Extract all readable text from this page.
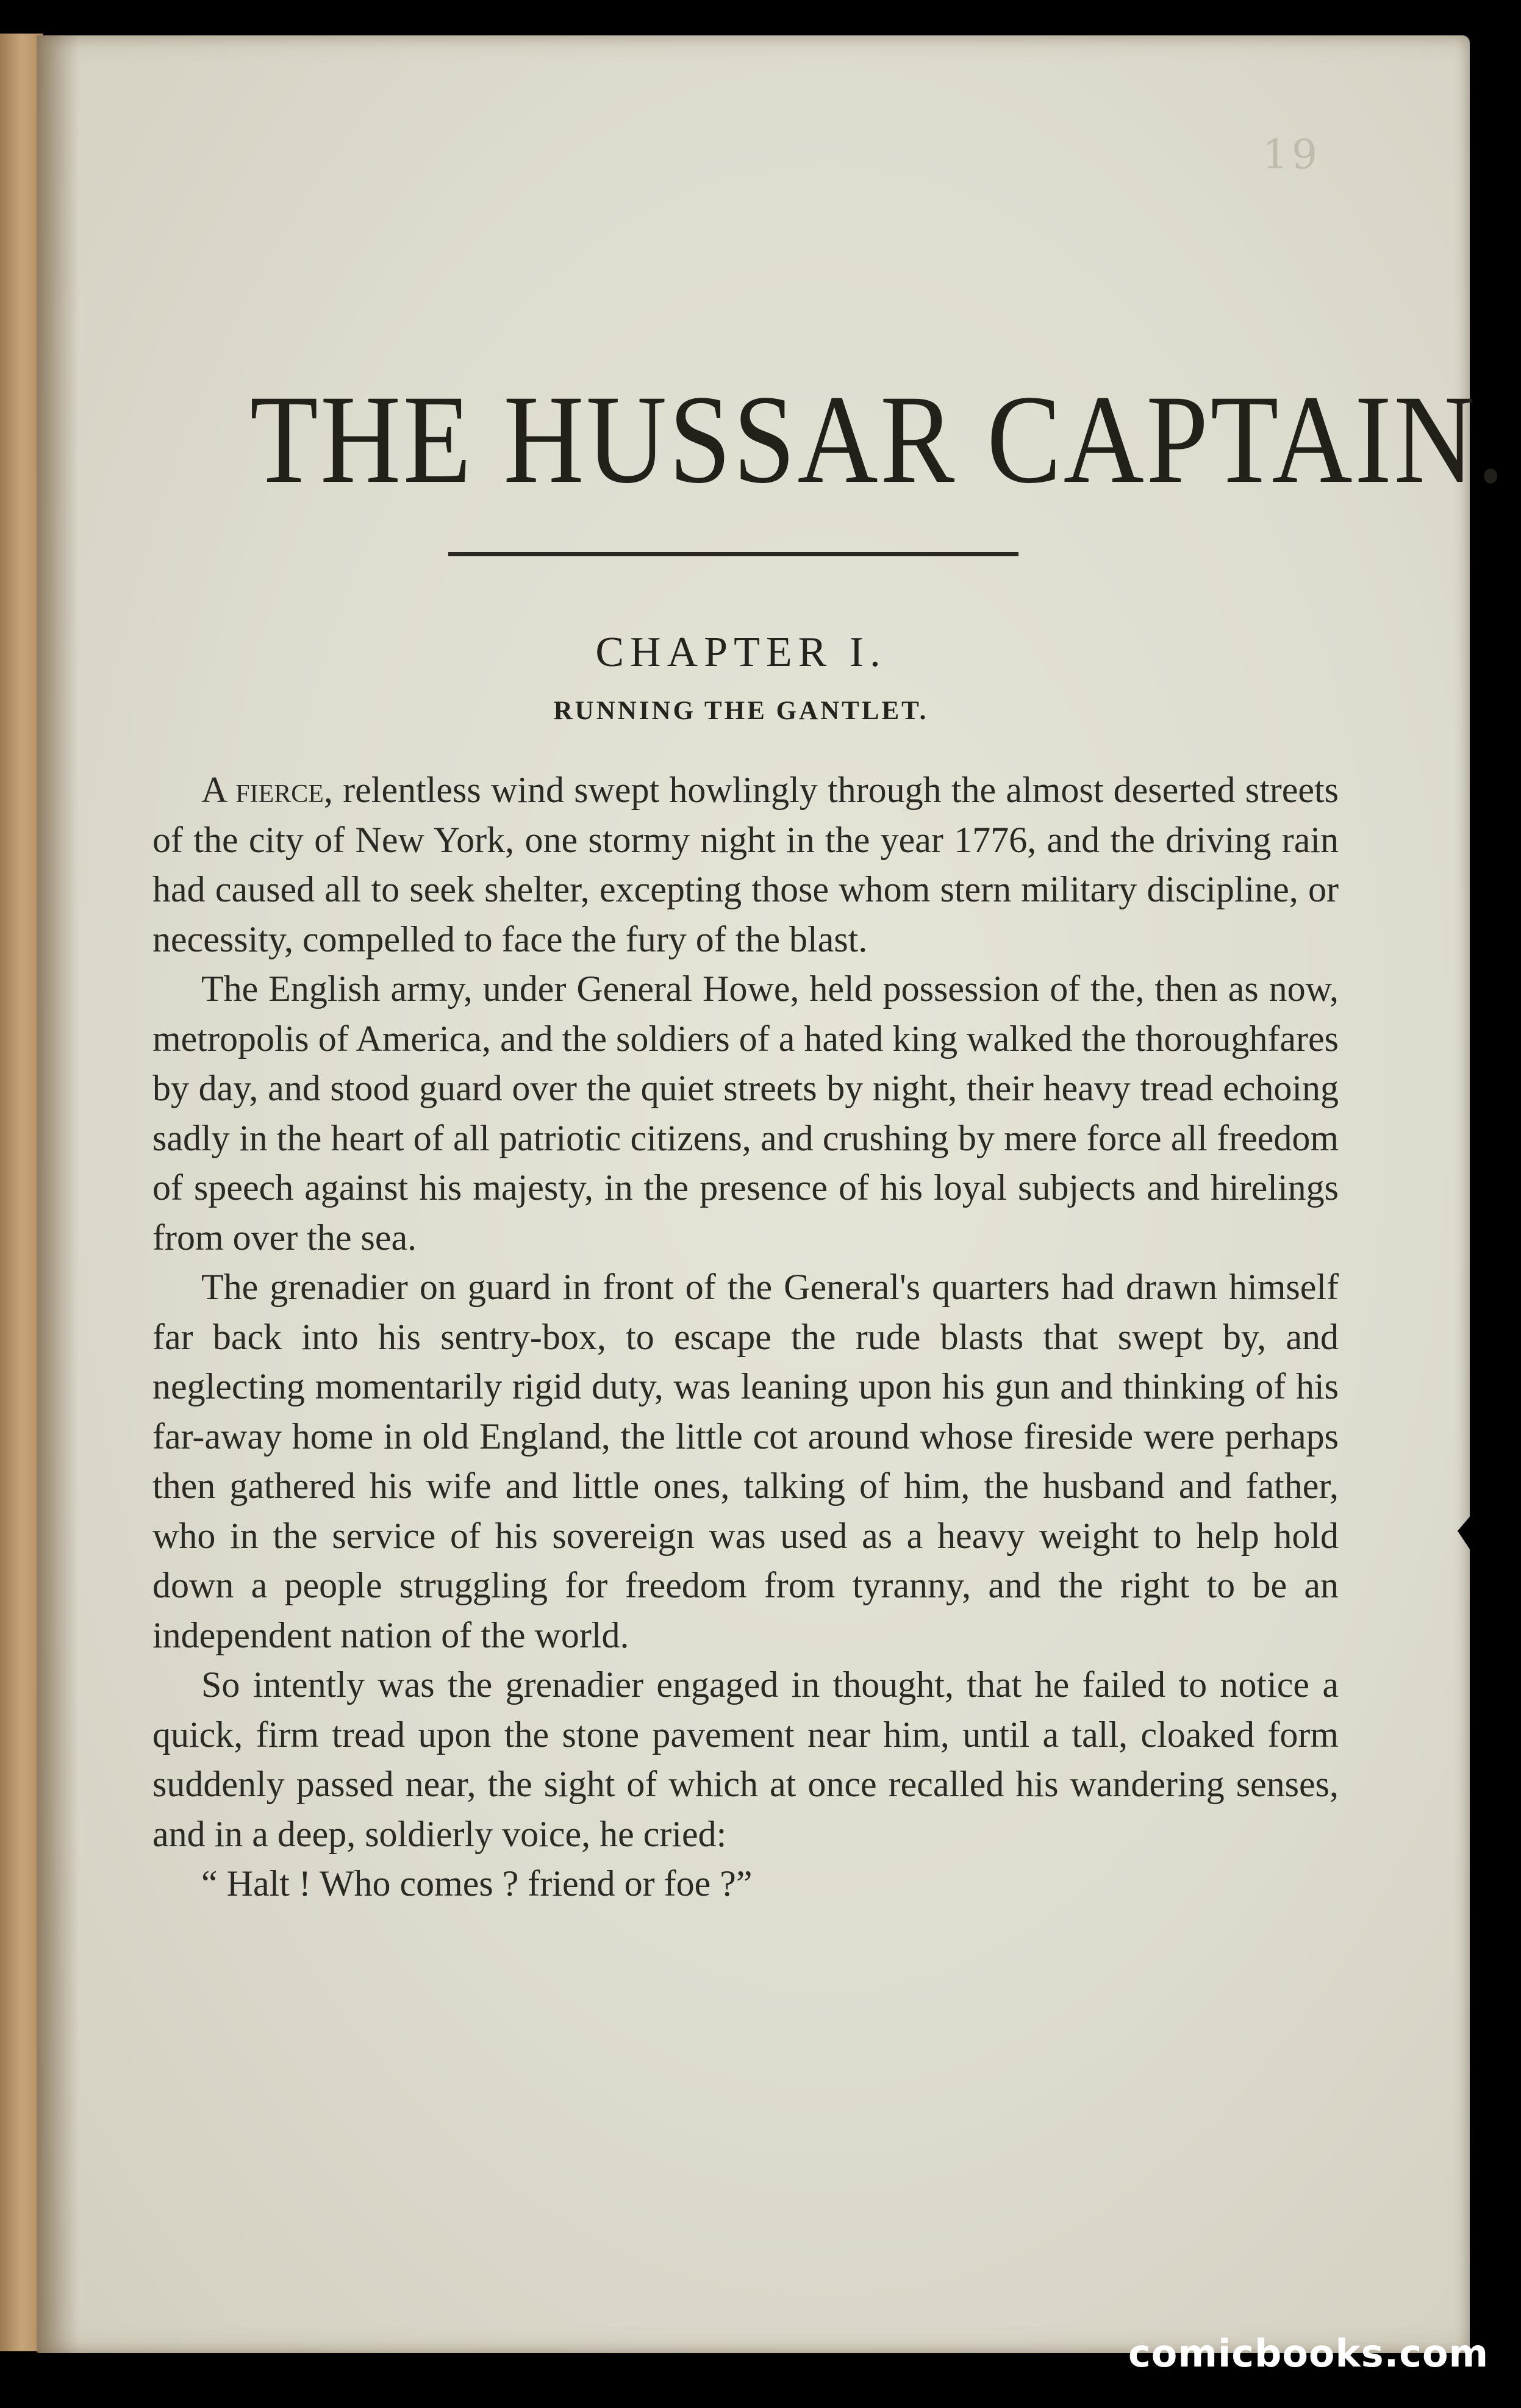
19
THE HUSSAR CAPTAIN.
CHAPTER I.
RUNNING THE GANTLET.

A fierce, relentless wind swept howlingly through the almost deserted streets of the city of New York, one stormy night in the year 1776, and the driving rain had caused all to seek shelter, excepting those whom stern military discipline, or necessity, compelled to face the fury of the blast.

The English army, under General Howe, held possession of the, then as now, metropolis of America, and the soldiers of a hated king walked the thoroughfares by day, and stood guard over the quiet streets by night, their heavy tread echoing sadly in the heart of all patriotic citizens, and crushing by mere force all freedom of speech against his majesty, in the presence of his loyal subjects and hirelings from over the sea.

The grenadier on guard in front of the General's quarters had drawn himself far back into his sentry-box, to escape the rude blasts that swept by, and neglecting momentarily rigid duty, was leaning upon his gun and thinking of his far-away home in old England, the little cot around whose fireside were perhaps then gathered his wife and little ones, talking of him, the husband and father, who in the service of his sovereign was used as a heavy weight to help hold down a people struggling for freedom from tyranny, and the right to be an independent nation of the world.

So intently was the grenadier engaged in thought, that he failed to notice a quick, firm tread upon the stone pavement near him, until a tall, cloaked form suddenly passed near, the sight of which at once recalled his wandering senses, and in a deep, soldierly voice, he cried:

“ Halt ! Who comes ? friend or foe ?”

comicbooks.com
